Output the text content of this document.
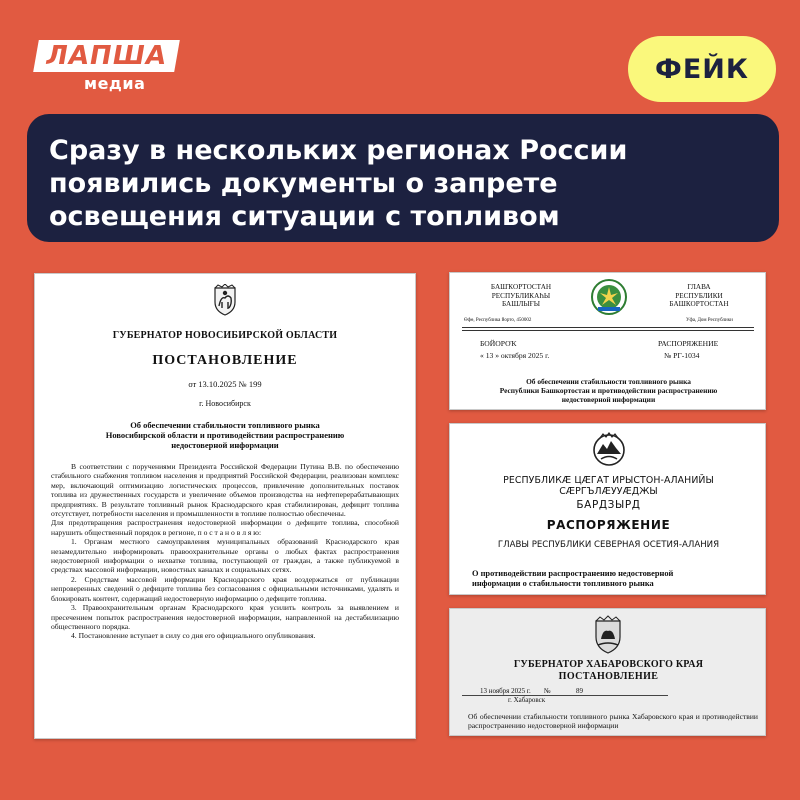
ЛАПША
медиа	ФЕЙК
Сразу в нескольких регионах России
появились документы о запрете
освещения ситуации с топливом
ГУБЕРНАТОР НОВОСИБИРСКОЙ ОБЛАСТИ
ПОСТАНОВЛЕНИЕ
от 13.10.2025 № 199
г. Новосибирск
Об обеспечении стабильности топливного рынка
Новосибирской области и противодействии распространению
недостоверной информации

В соответствии с поручениями Президента Российской Федерации Путина В.В. по обеспечению стабильного снабжения топливом населения и предприятий Российской Федерации, реализован комплекс мер, включающий оптимизацию логистических процессов, привлечение дополнительных поставок топлива из дружественных государств и увеличение объемов производства на нефтеперерабатывающих предприятиях. В результате топливный рынок Краснодарского края стабилизирован, дефицит топлива отсутствует, потребности населения и промышленности в топливе полностью обеспечены.

Для предотвращения распространения недостоверной информации о дефиците топлива, способной нарушить общественный порядок в регионе, п о с т а н о в л я ю:

1. Органам местного самоуправления муниципальных образований Краснодарского края незамедлительно информировать правоохранительные органы о любых фактах распространения недостоверной информации о нехватке топлива, поступающей от граждан, а также публикуемой в средствах массовой информации, новостных каналах и социальных сетях.

2. Средствам массовой информации Краснодарского края воздержаться от публикации непроверенных сведений о дефиците топлива без согласования с официальными источниками, удалять и блокировать контент, содержащий недостоверную информацию о дефиците топлива.

3. Правоохранительным органам Краснодарского края усилить контроль за выявлением и пресечением попыток распространения недостоверной информации, направленной на дестабилизацию общественного порядка.

4. Постановление вступает в силу со дня его официального опубликования.

БАШҠОРТОСТАН
РЕСПУБЛИКАҺЫ
БАШЛЫҒЫ
ГЛАВА
РЕСПУБЛИКИ
БАШКОРТОСТАН
Өфө, Республика йорто, 450002	Уфа, Дом Республики
БОЙОРОҠ	РАСПОРЯЖЕНИЕ
« 13 » октября 2025 г.	№ РГ-1034
Об обеспечении стабильности топливного рынка
Республики Башкортостан и противодействии распространению
недостоверной информации
РЕСПУБЛИКÆ ЦÆГАТ ИРЫСТОН-АЛАНИЙЫ СÆРГЪЛÆУУÆДЖЫ
БАРДЗЫРД
РАСПОРЯЖЕНИЕ
ГЛАВЫ РЕСПУБЛИКИ СЕВЕРНАЯ ОСЕТИЯ-АЛАНИЯ
О противодействии распространению недостоверной
информации о стабильности топливного рынка
ГУБЕРНАТОР ХАБАРОВСКОГО КРАЯ
ПОСТАНОВЛЕНИЕ
13 ноября 2025 г. №	89
г. Хабаровск
Об обеспечении стабильности топливного рынка Хабаровского края и противодействии распространению недостоверной информации
